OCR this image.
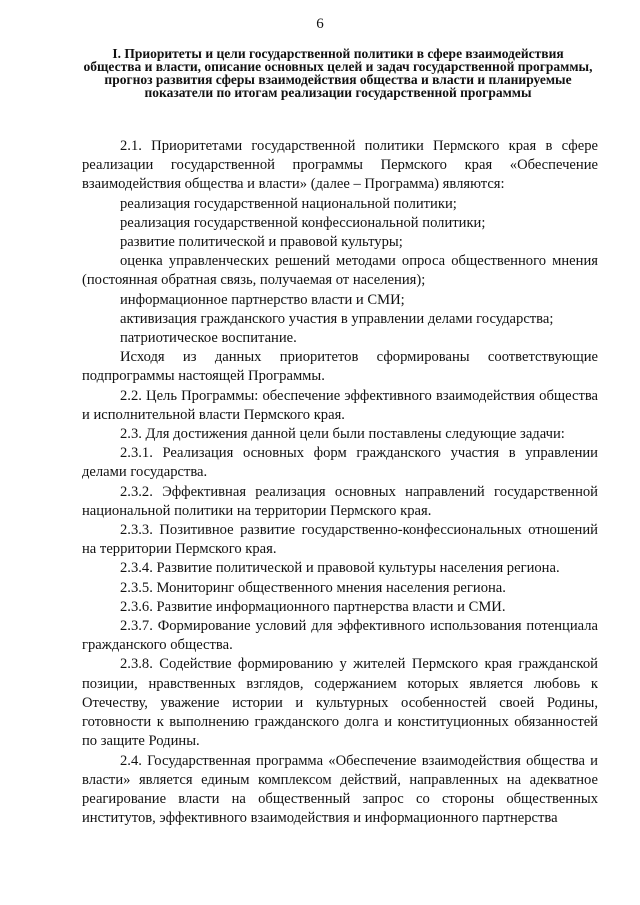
6
I. Приоритеты и цели государственной политики в сфере взаимодействия общества и власти, описание основных целей и задач государственной программы, прогноз развития сферы взаимодействия общества и власти и планируемые показатели по итогам реализации государственной программы

2.1. Приоритетами государственной политики Пермского края в сфере реализации государственной программы Пермского края «Обеспечение взаимодействия общества и власти» (далее – Программа) являются:

реализация государственной национальной политики;

реализация государственной конфессиональной политики;

развитие политической и правовой культуры;

оценка управленческих решений методами опроса общественного мнения (постоянная обратная связь, получаемая от населения);

информационное партнерство власти и СМИ;

активизация гражданского участия в управлении делами государства;

патриотическое воспитание.

Исходя из данных приоритетов сформированы соответствующие подпрограммы настоящей Программы.

2.2. Цель Программы: обеспечение эффективного взаимодействия общества и исполнительной власти Пермского края.

2.3. Для достижения данной цели были поставлены следующие задачи:

2.3.1. Реализация основных форм гражданского участия в управлении делами государства.

2.3.2. Эффективная реализация основных направлений государственной национальной политики на территории Пермского края.

2.3.3. Позитивное развитие государственно-конфессиональных отношений на территории Пермского края.

2.3.4. Развитие политической и правовой культуры населения региона.

2.3.5. Мониторинг общественного мнения населения региона.

2.3.6. Развитие информационного партнерства власти и СМИ.

2.3.7. Формирование условий для эффективного использования потенциала гражданского общества.

2.3.8. Содействие формированию у жителей Пермского края гражданской позиции, нравственных взглядов, содержанием которых является любовь к Отечеству, уважение истории и культурных особенностей своей Родины, готовности к выполнению гражданского долга и конституционных обязанностей по защите Родины.

2.4. Государственная программа «Обеспечение взаимодействия общества и власти» является единым комплексом действий, направленных на адекватное реагирование власти на общественный запрос со стороны общественных институтов, эффективного взаимодействия и информационного партнерства
